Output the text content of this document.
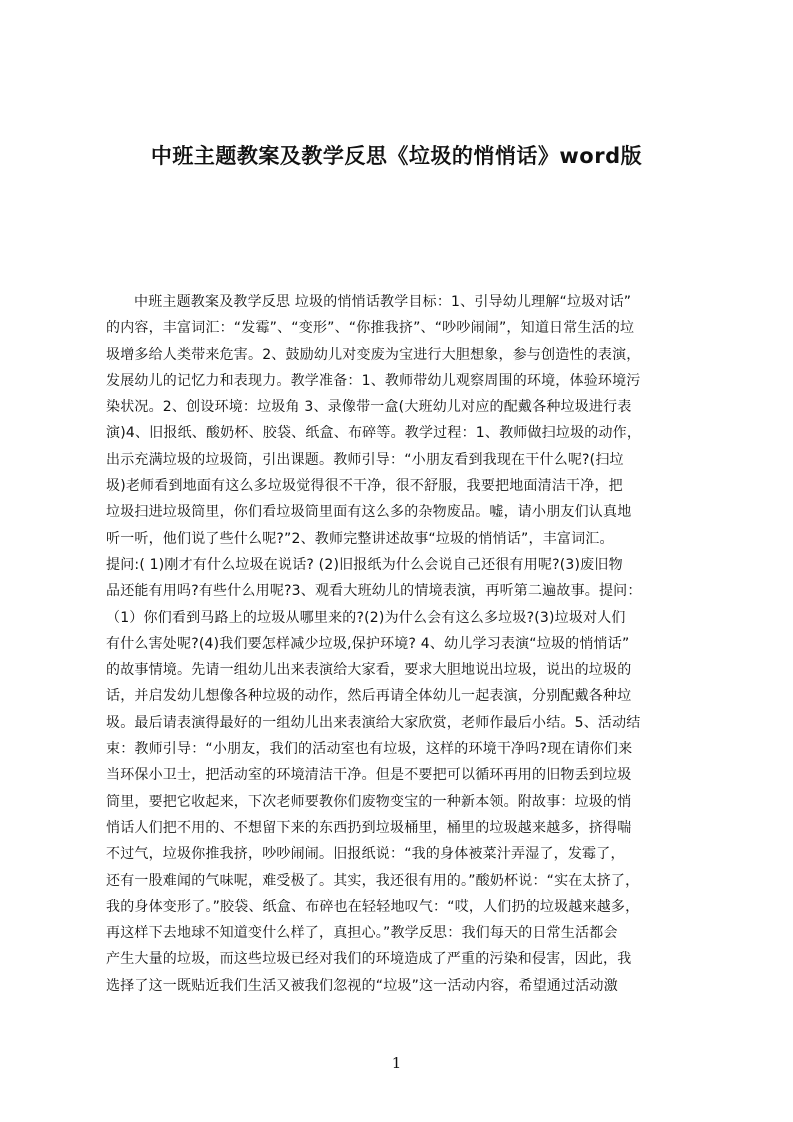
中班主题教案及教学反思《垃圾的悄悄话》word版
中班主题教案及教学反思 垃圾的悄悄话教学目标：1、引导幼儿理解“垃圾对话”
的内容，丰富词汇：“发霉”、“变形”、“你推我挤”、“吵吵闹闹”，知道日常生活的垃
圾增多给人类带来危害。2、鼓励幼儿对变废为宝进行大胆想象，参与创造性的表演，
发展幼儿的记忆力和表现力。教学准备：1、教师带幼儿观察周围的环境，体验环境污
染状况。2、创设环境：垃圾角 3、录像带一盒(大班幼儿对应的配戴各种垃圾进行表
演)4、旧报纸、酸奶杯、胶袋、纸盒、布碎等。教学过程：1、教师做扫垃圾的动作，
出示充满垃圾的垃圾筒，引出课题。教师引导：“小朋友看到我现在干什么呢?(扫垃
圾)老师看到地面有这么多垃圾觉得很不干净，很不舒服，我要把地面清洁干净，把
垃圾扫进垃圾筒里，你们看垃圾筒里面有这么多的杂物废品。嘘，请小朋友们认真地
听一听，他们说了些什么呢?”2、教师完整讲述故事“垃圾的悄悄话”，丰富词汇。
提问:( 1)刚才有什么垃圾在说话? (2)旧报纸为什么会说自己还很有用呢?(3)废旧物
品还能有用吗?有些什么用呢?3、观看大班幼儿的情境表演，再听第二遍故事。提问：
（1）你们看到马路上的垃圾从哪里来的?(2)为什么会有这么多垃圾?(3)垃圾对人们
有什么害处呢?(4)我们要怎样减少垃圾,保护环境? 4、幼儿学习表演“垃圾的悄悄话”
的故事情境。先请一组幼儿出来表演给大家看，要求大胆地说出垃圾，说出的垃圾的
话，并启发幼儿想像各种垃圾的动作，然后再请全体幼儿一起表演，分别配戴各种垃
圾。最后请表演得最好的一组幼儿出来表演给大家欣赏，老师作最后小结。5、活动结
束：教师引导：“小朋友，我们的活动室也有垃圾，这样的环境干净吗?现在请你们来
当环保小卫士，把活动室的环境清洁干净。但是不要把可以循环再用的旧物丢到垃圾
筒里，要把它收起来，下次老师要教你们废物变宝的一种新本领。附故事：垃圾的悄
悄话人们把不用的、不想留下来的东西扔到垃圾桶里，桶里的垃圾越来越多，挤得喘
不过气，垃圾你推我挤，吵吵闹闹。旧报纸说：“我的身体被菜汁弄湿了，发霉了，
还有一股难闻的气味呢，难受极了。其实，我还很有用的。”酸奶杯说：“实在太挤了，
我的身体变形了。”胶袋、纸盒、布碎也在轻轻地叹气：“哎，人们扔的垃圾越来越多，
再这样下去地球不知道变什么样了，真担心。”教学反思：我们每天的日常生活都会
产生大量的垃圾，而这些垃圾已经对我们的环境造成了严重的污染和侵害，因此，我
选择了这一既贴近我们生活又被我们忽视的“垃圾”这一活动内容，希望通过活动激
1
